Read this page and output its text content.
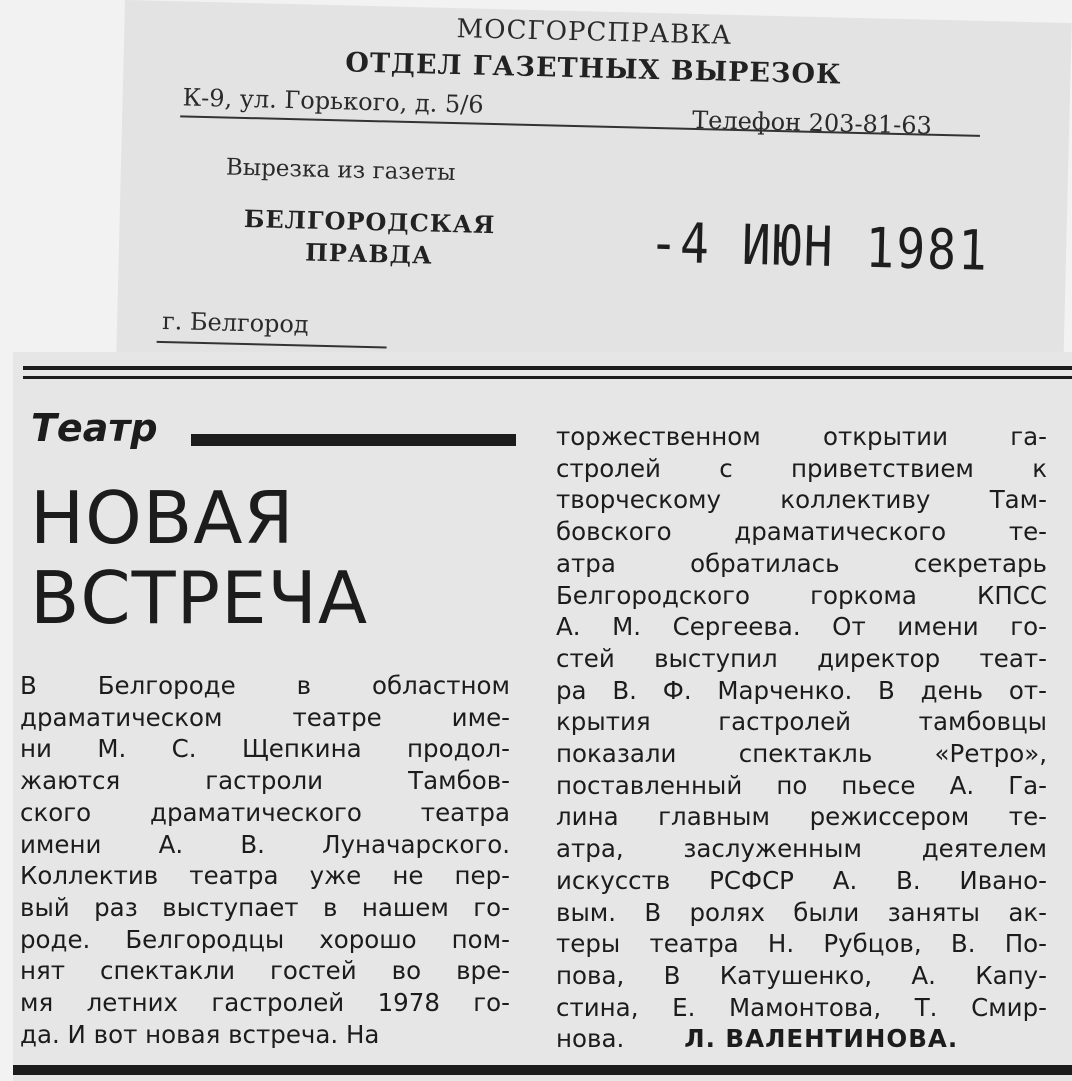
МОСГОРСПРАВКА
ОТДЕЛ ГАЗЕТНЫХ ВЫРЕЗОК
К-9, ул. Горького, д. 5/6
Телефон 203-81-63
Вырезка из газеты
БЕЛГОРОДСКАЯ
ПРАВДА	-4 ИЮН 1981
г. Белгород
Театр
НОВАЯ
ВСТРЕЧА
В Белгороде в областном
драматическом театре име-
ни М. С. Щепкина продол-
жаются гастроли Тамбов-
ского драматического театра
имени А. В. Луначарского.
Коллектив театра уже не пер-
вый раз выступает в нашем го-
роде. Белгородцы хорошо пом-
нят спектакли гостей во вре-
мя летних гастролей 1978 го-
да. И вот новая встреча. На
торжественном открытии га-
стролей с приветствием к
творческому коллективу Там-
бовского драматического те-
атра обратилась секретарь
Белгородского горкома КПСС
А. М. Сергеева. От имени го-
стей выступил директор теат-
ра В. Ф. Марченко. В день от-
крытия гастролей тамбовцы
показали спектакль «Ретро»,
поставленный по пьесе А. Га-
лина главным режиссером те-
атра, заслуженным деятелем
искусств РСФСР А. В. Ивано-
вым. В ролях были заняты ак-
теры театра Н. Рубцов, В. По-
пова, В Катушенко, А. Капу-
стина, Е. Мамонтова, Т. Смир-
нова. Л. ВАЛЕНТИНОВА.
